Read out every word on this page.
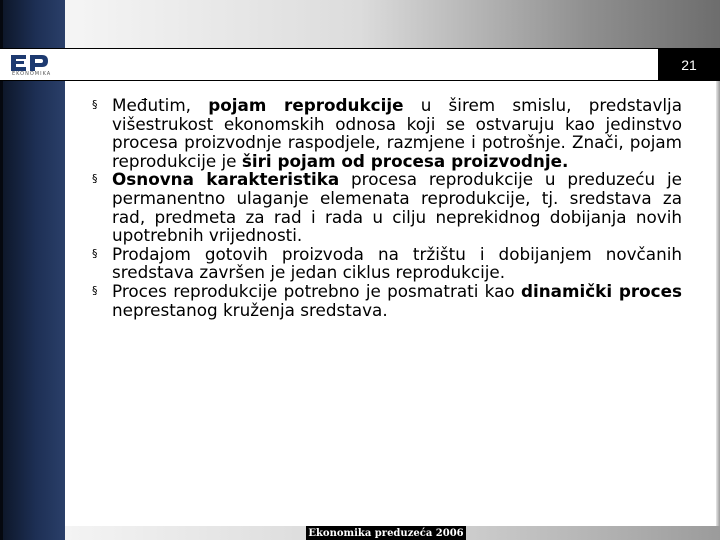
EKONOMIKA
21
§ Međutim, pojam reprodukcije u širem smislu, predstavlja višestrukost ekonomskih odnosa koji se ostvaruju kao jedinstvo procesa proizvodnje raspodjele, razmjene i potrošnje. Znači, pojam reprodukcije je širi pojam od procesa proizvodnje.
§ Osnovna karakteristika procesa reprodukcije u preduzeću je permanentno ulaganje elemenata reprodukcije, tj. sredstava za rad, predmeta za rad i rada u cilju neprekidnog dobijanja novih upotrebnih vrijednosti.
§ Prodajom gotovih proizvoda na tržištu i dobijanjem novčanih sredstava završen je jedan ciklus reprodukcije.
§ Proces reprodukcije potrebno je posmatrati kao dinamički proces neprestanog kruženja sredstava.
Ekonomika preduzeća 2006
